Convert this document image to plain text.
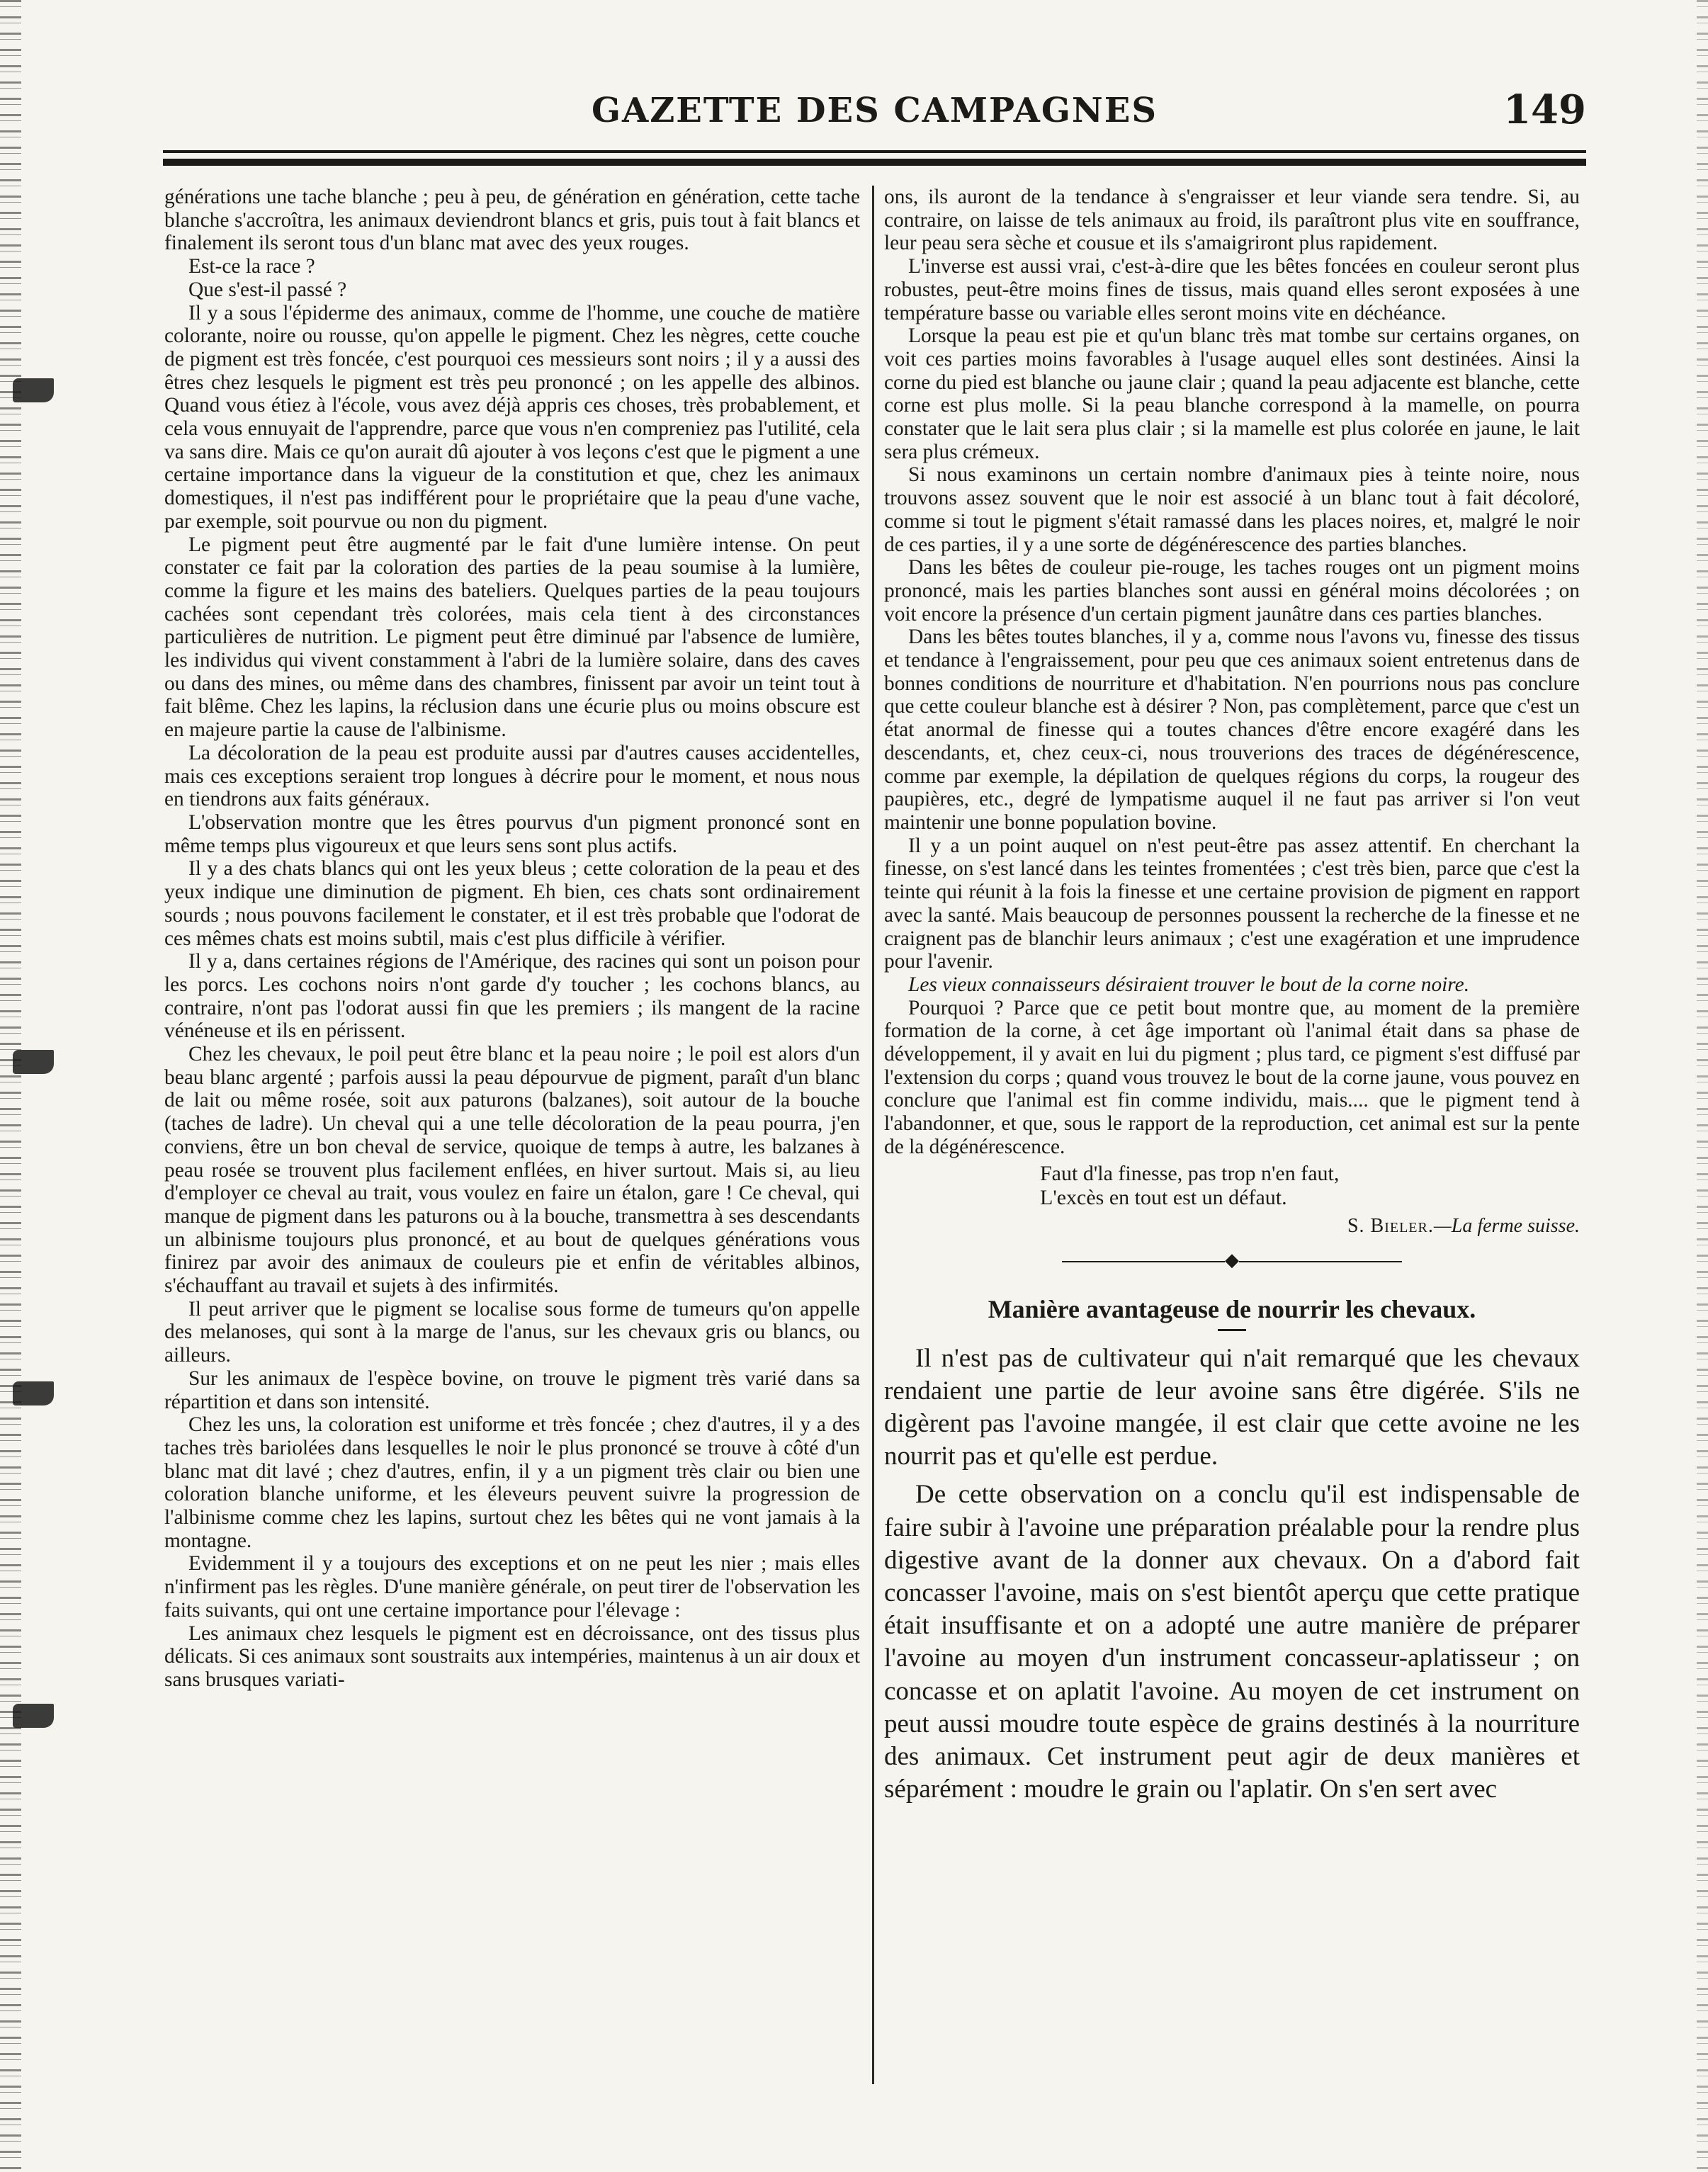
GAZETTE DES CAMPAGNES	149

générations une tache blanche ; peu à peu, de génération en génération, cette tache blanche s'accroîtra, les animaux deviendront blancs et gris, puis tout à fait blancs et finalement ils seront tous d'un blanc mat avec des yeux rouges.

Est-ce la race ?

Que s'est-il passé ?

Il y a sous l'épiderme des animaux, comme de l'homme, une couche de matière colorante, noire ou rousse, qu'on appelle le pigment. Chez les nègres, cette couche de pigment est très foncée, c'est pourquoi ces messieurs sont noirs ; il y a aussi des êtres chez lesquels le pigment est très peu prononcé ; on les appelle des albinos. Quand vous étiez à l'école, vous avez déjà appris ces choses, très probablement, et cela vous ennuyait de l'apprendre, parce que vous n'en compreniez pas l'utilité, cela va sans dire. Mais ce qu'on aurait dû ajouter à vos leçons c'est que le pigment a une certaine importance dans la vigueur de la constitution et que, chez les animaux domestiques, il n'est pas indifférent pour le propriétaire que la peau d'une vache, par exemple, soit pourvue ou non du pigment.

Le pigment peut être augmenté par le fait d'une lumière intense. On peut constater ce fait par la coloration des parties de la peau soumise à la lumière, comme la figure et les mains des bateliers. Quelques parties de la peau toujours cachées sont cependant très colorées, mais cela tient à des circonstances particulières de nutrition. Le pigment peut être diminué par l'absence de lumière, les individus qui vivent constamment à l'abri de la lumière solaire, dans des caves ou dans des mines, ou même dans des chambres, finissent par avoir un teint tout à fait blême. Chez les lapins, la réclusion dans une écurie plus ou moins obscure est en majeure partie la cause de l'albinisme.

La décoloration de la peau est produite aussi par d'autres causes accidentelles, mais ces exceptions seraient trop longues à décrire pour le moment, et nous nous en tiendrons aux faits généraux.

L'observation montre que les êtres pourvus d'un pigment prononcé sont en même temps plus vigoureux et que leurs sens sont plus actifs.

Il y a des chats blancs qui ont les yeux bleus ; cette coloration de la peau et des yeux indique une diminution de pigment. Eh bien, ces chats sont ordinairement sourds ; nous pouvons facilement le constater, et il est très probable que l'odorat de ces mêmes chats est moins subtil, mais c'est plus difficile à vérifier.

Il y a, dans certaines régions de l'Amérique, des racines qui sont un poison pour les porcs. Les cochons noirs n'ont garde d'y toucher ; les cochons blancs, au contraire, n'ont pas l'odorat aussi fin que les premiers ; ils mangent de la racine vénéneuse et ils en périssent.

Chez les chevaux, le poil peut être blanc et la peau noire ; le poil est alors d'un beau blanc argenté ; parfois aussi la peau dépourvue de pigment, paraît d'un blanc de lait ou même rosée, soit aux paturons (balzanes), soit autour de la bouche (taches de ladre). Un cheval qui a une telle décoloration de la peau pourra, j'en conviens, être un bon cheval de service, quoique de temps à autre, les balzanes à peau rosée se trouvent plus facilement enflées, en hiver surtout. Mais si, au lieu d'employer ce cheval au trait, vous voulez en faire un étalon, gare ! Ce cheval, qui manque de pigment dans les paturons ou à la bouche, transmettra à ses descendants un albinisme toujours plus prononcé, et au bout de quelques générations vous finirez par avoir des animaux de couleurs pie et enfin de véritables albinos, s'échauffant au travail et sujets à des infirmités.

Il peut arriver que le pigment se localise sous forme de tumeurs qu'on appelle des melanoses, qui sont à la marge de l'anus, sur les chevaux gris ou blancs, ou ailleurs.

Sur les animaux de l'espèce bovine, on trouve le pigment très varié dans sa répartition et dans son intensité.

Chez les uns, la coloration est uniforme et très foncée ; chez d'autres, il y a des taches très bariolées dans lesquelles le noir le plus prononcé se trouve à côté d'un blanc mat dit lavé ; chez d'autres, enfin, il y a un pigment très clair ou bien une coloration blanche uniforme, et les éleveurs peuvent suivre la progression de l'albinisme comme chez les lapins, surtout chez les bêtes qui ne vont jamais à la montagne.

Evidemment il y a toujours des exceptions et on ne peut les nier ; mais elles n'infirment pas les règles. D'une manière générale, on peut tirer de l'observation les faits suivants, qui ont une certaine importance pour l'élevage :

Les animaux chez lesquels le pigment est en décroissance, ont des tissus plus délicats. Si ces animaux sont soustraits aux intempéries, maintenus à un air doux et sans brusques variati-

ons, ils auront de la tendance à s'engraisser et leur viande sera tendre. Si, au contraire, on laisse de tels animaux au froid, ils paraîtront plus vite en souffrance, leur peau sera sèche et cousue et ils s'amaigriront plus rapidement.

L'inverse est aussi vrai, c'est-à-dire que les bêtes foncées en couleur seront plus robustes, peut-être moins fines de tissus, mais quand elles seront exposées à une température basse ou variable elles seront moins vite en déchéance.

Lorsque la peau est pie et qu'un blanc très mat tombe sur certains organes, on voit ces parties moins favorables à l'usage auquel elles sont destinées. Ainsi la corne du pied est blanche ou jaune clair ; quand la peau adjacente est blanche, cette corne est plus molle. Si la peau blanche correspond à la mamelle, on pourra constater que le lait sera plus clair ; si la mamelle est plus colorée en jaune, le lait sera plus crémeux.

Si nous examinons un certain nombre d'animaux pies à teinte noire, nous trouvons assez souvent que le noir est associé à un blanc tout à fait décoloré, comme si tout le pigment s'était ramassé dans les places noires, et, malgré le noir de ces parties, il y a une sorte de dégénérescence des parties blanches.

Dans les bêtes de couleur pie-rouge, les taches rouges ont un pigment moins prononcé, mais les parties blanches sont aussi en général moins décolorées ; on voit encore la présence d'un certain pigment jaunâtre dans ces parties blanches.

Dans les bêtes toutes blanches, il y a, comme nous l'avons vu, finesse des tissus et tendance à l'engraissement, pour peu que ces animaux soient entretenus dans de bonnes conditions de nourriture et d'habitation. N'en pourrions nous pas conclure que cette couleur blanche est à désirer ? Non, pas complètement, parce que c'est un état anormal de finesse qui a toutes chances d'être encore exagéré dans les descendants, et, chez ceux-ci, nous trouverions des traces de dégénérescence, comme par exemple, la dépilation de quelques régions du corps, la rougeur des paupières, etc., degré de lympatisme auquel il ne faut pas arriver si l'on veut maintenir une bonne population bovine.

Il y a un point auquel on n'est peut-être pas assez attentif. En cherchant la finesse, on s'est lancé dans les teintes fromentées ; c'est très bien, parce que c'est la teinte qui réunit à la fois la finesse et une certaine provision de pigment en rapport avec la santé. Mais beaucoup de personnes poussent la recherche de la finesse et ne craignent pas de blanchir leurs animaux ; c'est une exagération et une imprudence pour l'avenir.

Les vieux connaisseurs désiraient trouver le bout de la corne noire.

Pourquoi ? Parce que ce petit bout montre que, au moment de la première formation de la corne, à cet âge important où l'animal était dans sa phase de développement, il y avait en lui du pigment ; plus tard, ce pigment s'est diffusé par l'extension du corps ; quand vous trouvez le bout de la corne jaune, vous pouvez en conclure que l'animal est fin comme individu, mais.... que le pigment tend à l'abandonner, et que, sous le rapport de la reproduction, cet animal est sur la pente de la dégénérescence.

Faut d'la finesse, pas trop n'en faut,
L'excès en tout est un défaut.

S. Bieler.—La ferme suisse.

◆
Manière avantageuse de nourrir les chevaux.

Il n'est pas de cultivateur qui n'ait remarqué que les chevaux rendaient une partie de leur avoine sans être digérée. S'ils ne digèrent pas l'avoine mangée, il est clair que cette avoine ne les nourrit pas et qu'elle est perdue.

De cette observation on a conclu qu'il est indispensable de faire subir à l'avoine une préparation préalable pour la rendre plus digestive avant de la donner aux chevaux. On a d'abord fait concasser l'avoine, mais on s'est bientôt aperçu que cette pratique était insuffisante et on a adopté une autre manière de préparer l'avoine au moyen d'un instrument concasseur-aplatisseur ; on concasse et on aplatit l'avoine. Au moyen de cet instrument on peut aussi moudre toute espèce de grains destinés à la nourriture des animaux. Cet instrument peut agir de deux manières et séparément : moudre le grain ou l'aplatir. On s'en sert avec
